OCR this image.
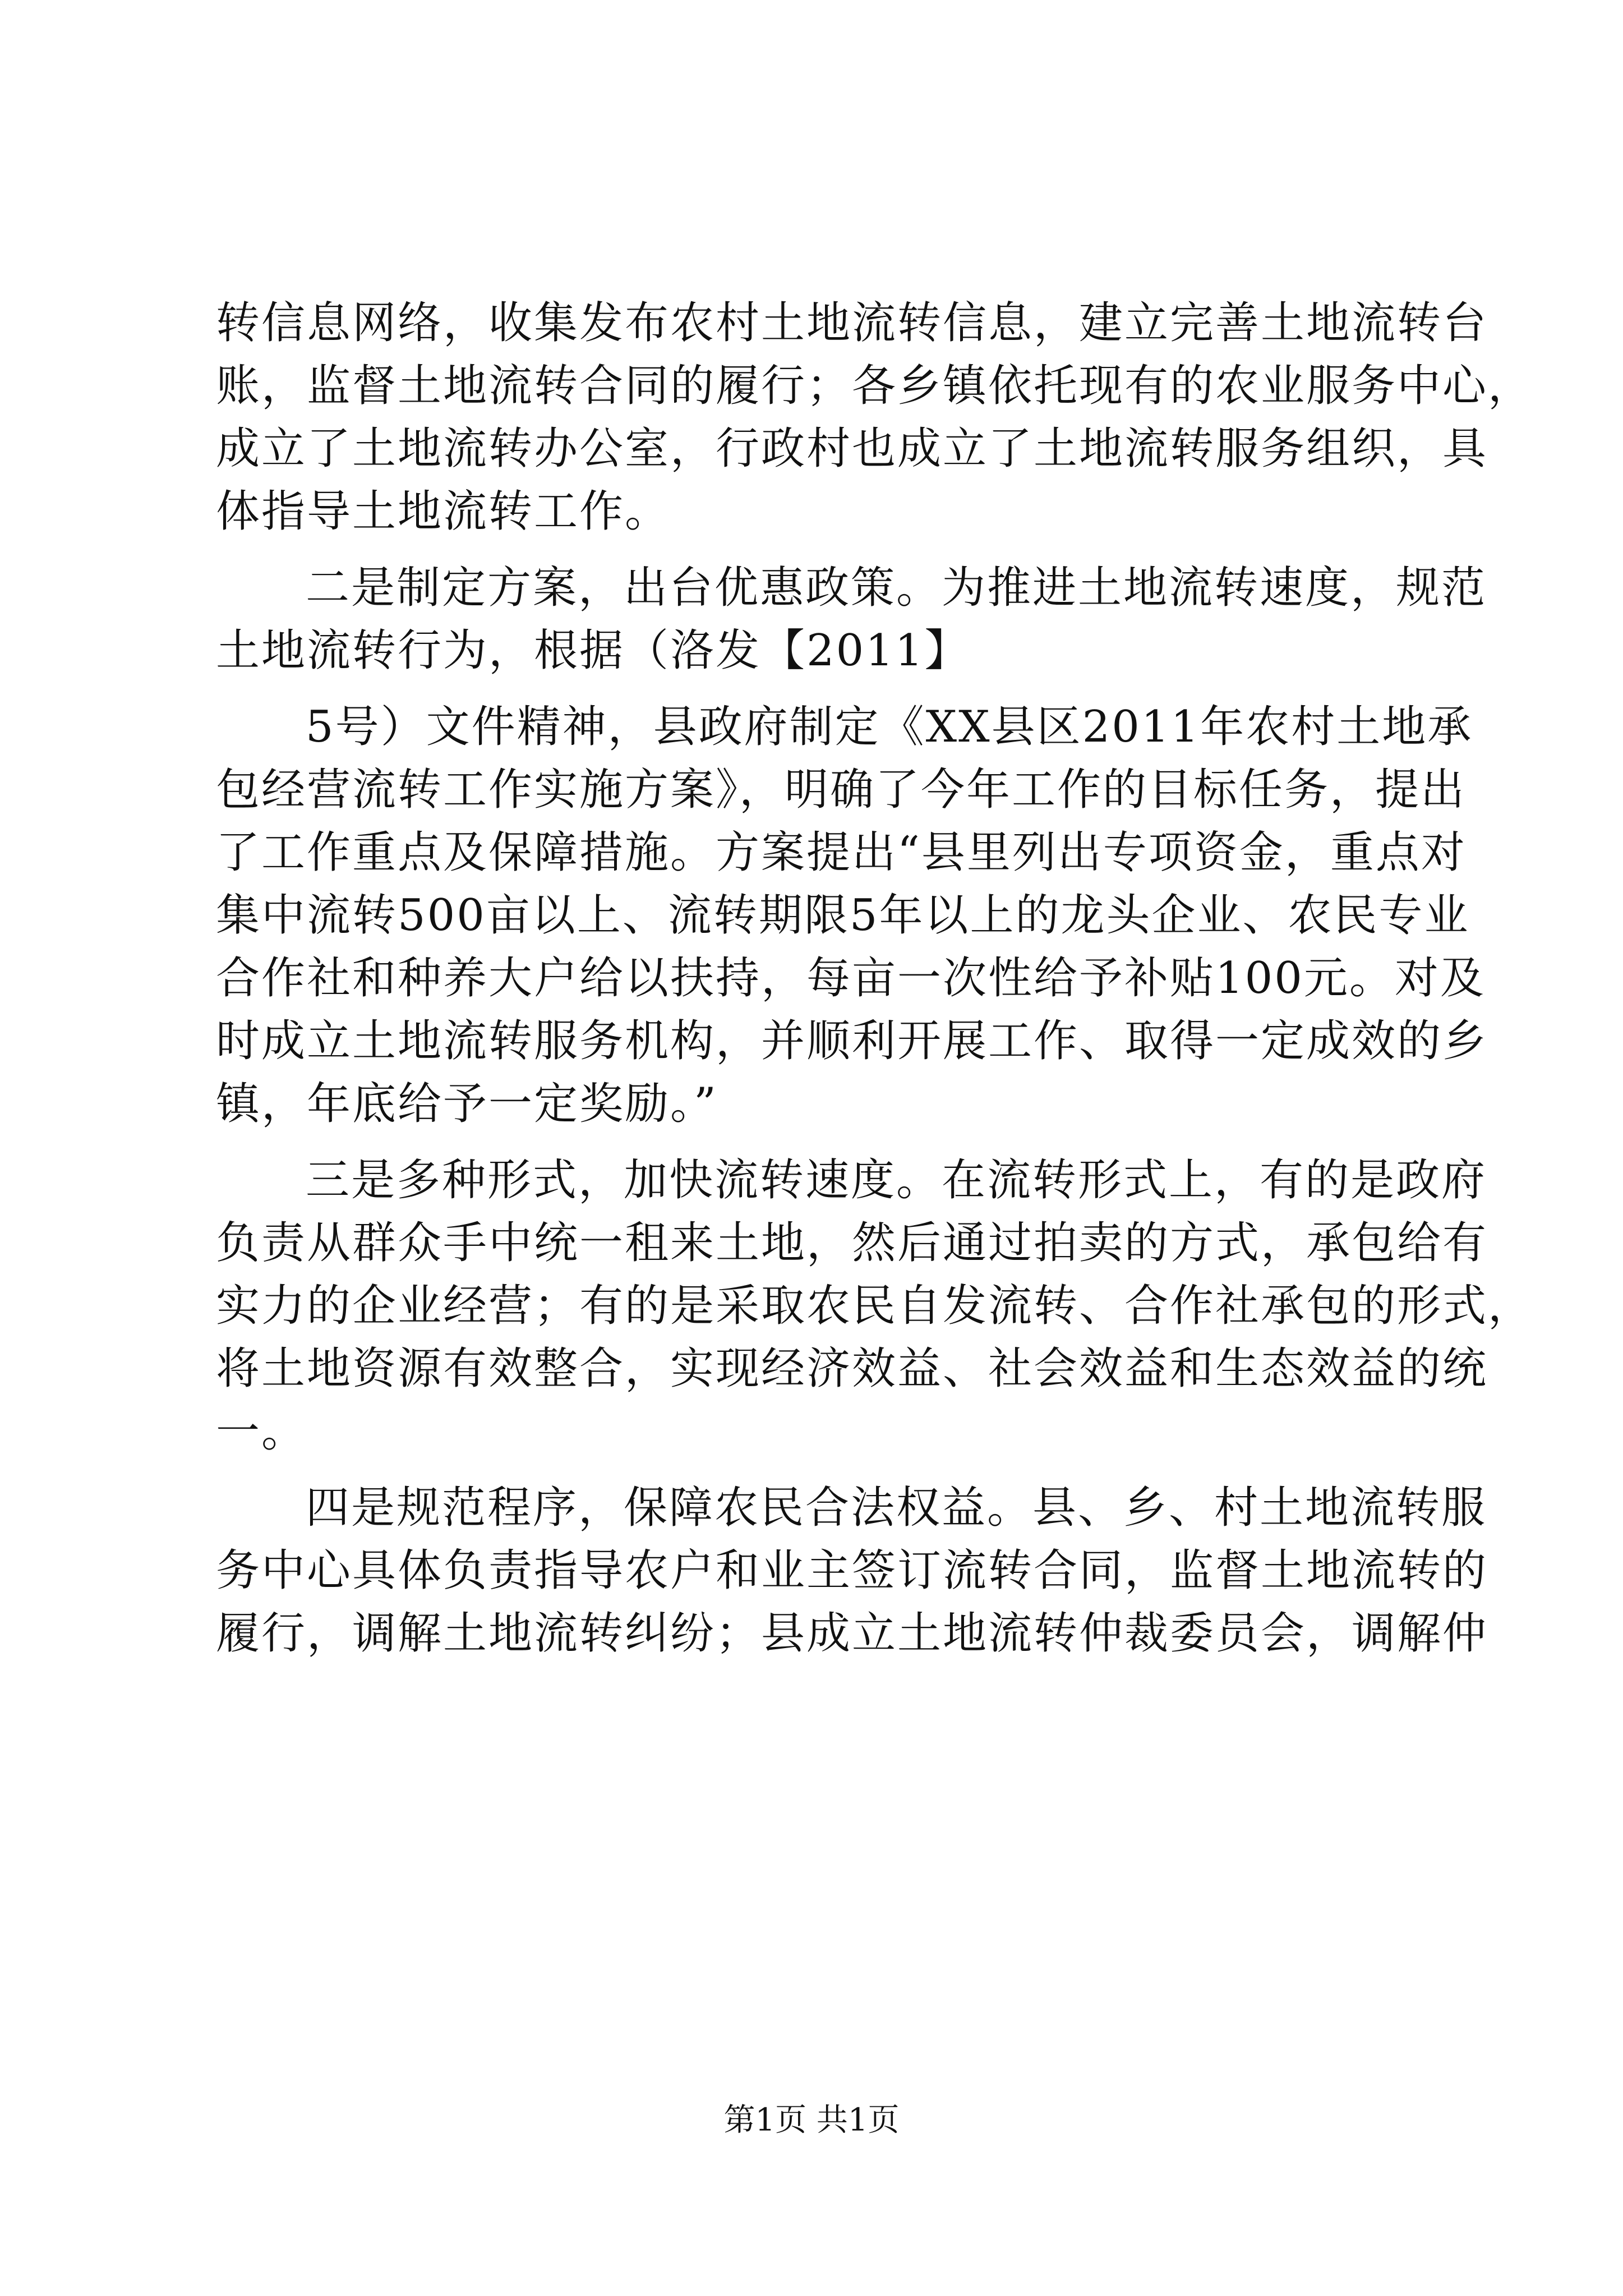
转信息网络，收集发布农村土地流转信息，建立完善土地流转台
账，监督土地流转合同的履行；各乡镇依托现有的农业服务中心，
成立了土地流转办公室，行政村也成立了土地流转服务组织，具
体指导土地流转工作。
二是制定方案，出台优惠政策。为推进土地流转速度，规范
土地流转行为，根据（洛发【2011】
5号）文件精神，县政府制定《XX县区2011年农村土地承
包经营流转工作实施方案》，明确了今年工作的目标任务，提出
了工作重点及保障措施。方案提出“县里列出专项资金，重点对
集中流转500亩以上、流转期限5年以上的龙头企业、农民专业
合作社和种养大户给以扶持，每亩一次性给予补贴100元。对及
时成立土地流转服务机构，并顺利开展工作、取得一定成效的乡
镇，年底给予一定奖励。”
三是多种形式，加快流转速度。在流转形式上，有的是政府
负责从群众手中统一租来土地，然后通过拍卖的方式，承包给有
实力的企业经营；有的是采取农民自发流转、合作社承包的形式，
将土地资源有效整合，实现经济效益、社会效益和生态效益的统
一。
四是规范程序，保障农民合法权益。县、乡、村土地流转服
务中心具体负责指导农户和业主签订流转合同，监督土地流转的
履行，调解土地流转纠纷；县成立土地流转仲裁委员会，调解仲
第1页 共1页
